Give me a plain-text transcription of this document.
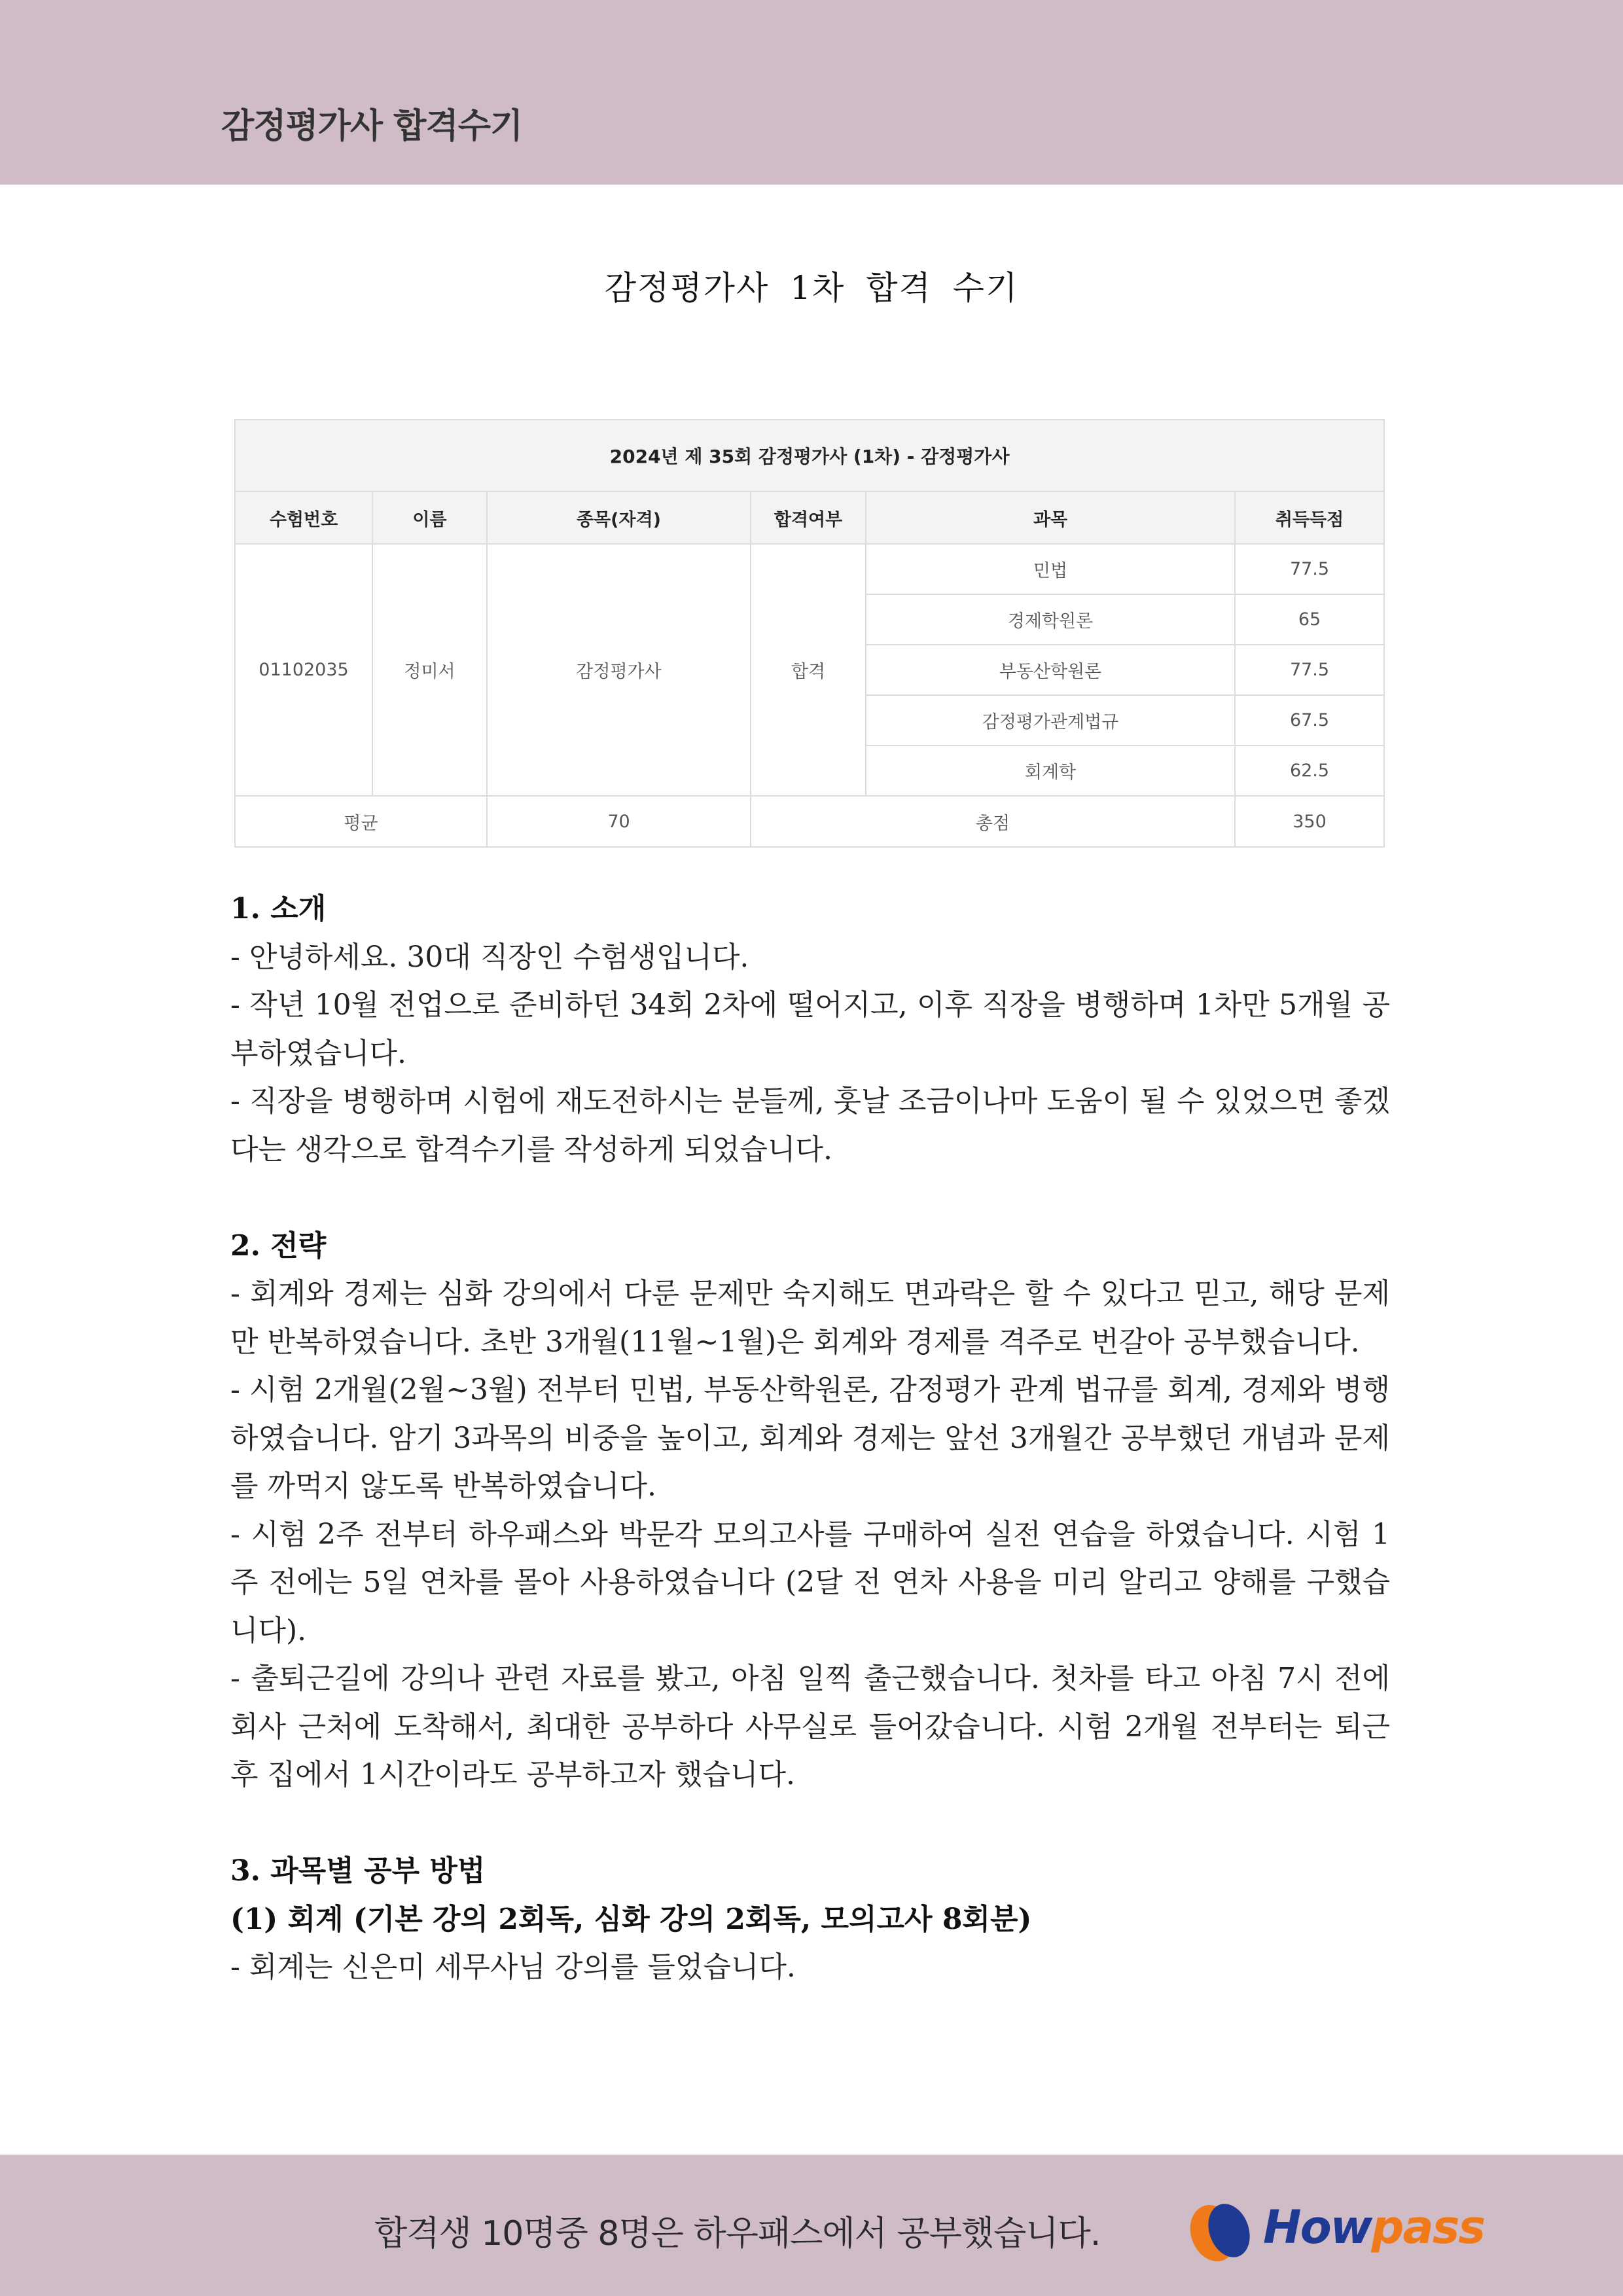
감정평가사 합격수기
감정평가사 1차 합격 수기
2024년 제 35회 감정평가사 (1차) - 감정평가사					
수험번호	이름	종목(자격)	합격여부	과목	취득득점
01102035	정미서	감정평가사	합격	민법	77.5
				경제학원론	65
				부동산학원론	77.5
				감정평가관계법규	67.5
				회계학	62.5
평균		70	총점		350

1. 소개

- 안녕하세요. 30대 직장인 수험생입니다.

- 작년 10월 전업으로 준비하던 34회 2차에 떨어지고, 이후 직장을 병행하며 1차만 5개월 공부하였습니다.

- 직장을 병행하며 시험에 재도전하시는 분들께, 훗날 조금이나마 도움이 될 수 있었으면 좋겠다는 생각으로 합격수기를 작성하게 되었습니다.

2. 전략

- 회계와 경제는 심화 강의에서 다룬 문제만 숙지해도 면과락은 할 수 있다고 믿고, 해당 문제만 반복하였습니다. 초반 3개월(11월~1월)은 회계와 경제를 격주로 번갈아 공부했습니다.

- 시험 2개월(2월~3월) 전부터 민법, 부동산학원론, 감정평가 관계 법규를 회계, 경제와 병행하였습니다. 암기 3과목의 비중을 높이고, 회계와 경제는 앞선 3개월간 공부했던 개념과 문제를 까먹지 않도록 반복하였습니다.

- 시험 2주 전부터 하우패스와 박문각 모의고사를 구매하여 실전 연습을 하였습니다. 시험 1주 전에는 5일 연차를 몰아 사용하였습니다 (2달 전 연차 사용을 미리 알리고 양해를 구했습니다).

- 출퇴근길에 강의나 관련 자료를 봤고, 아침 일찍 출근했습니다. 첫차를 타고 아침 7시 전에 회사 근처에 도착해서, 최대한 공부하다 사무실로 들어갔습니다. 시험 2개월 전부터는 퇴근 후 집에서 1시간이라도 공부하고자 했습니다.

3. 과목별 공부 방법

(1) 회계 (기본 강의 2회독, 심화 강의 2회독, 모의고사 8회분)

- 회계는 신은미 세무사님 강의를 들었습니다.

합격생 10명중 8명은 하우패스에서 공부했습니다.	Howpass
